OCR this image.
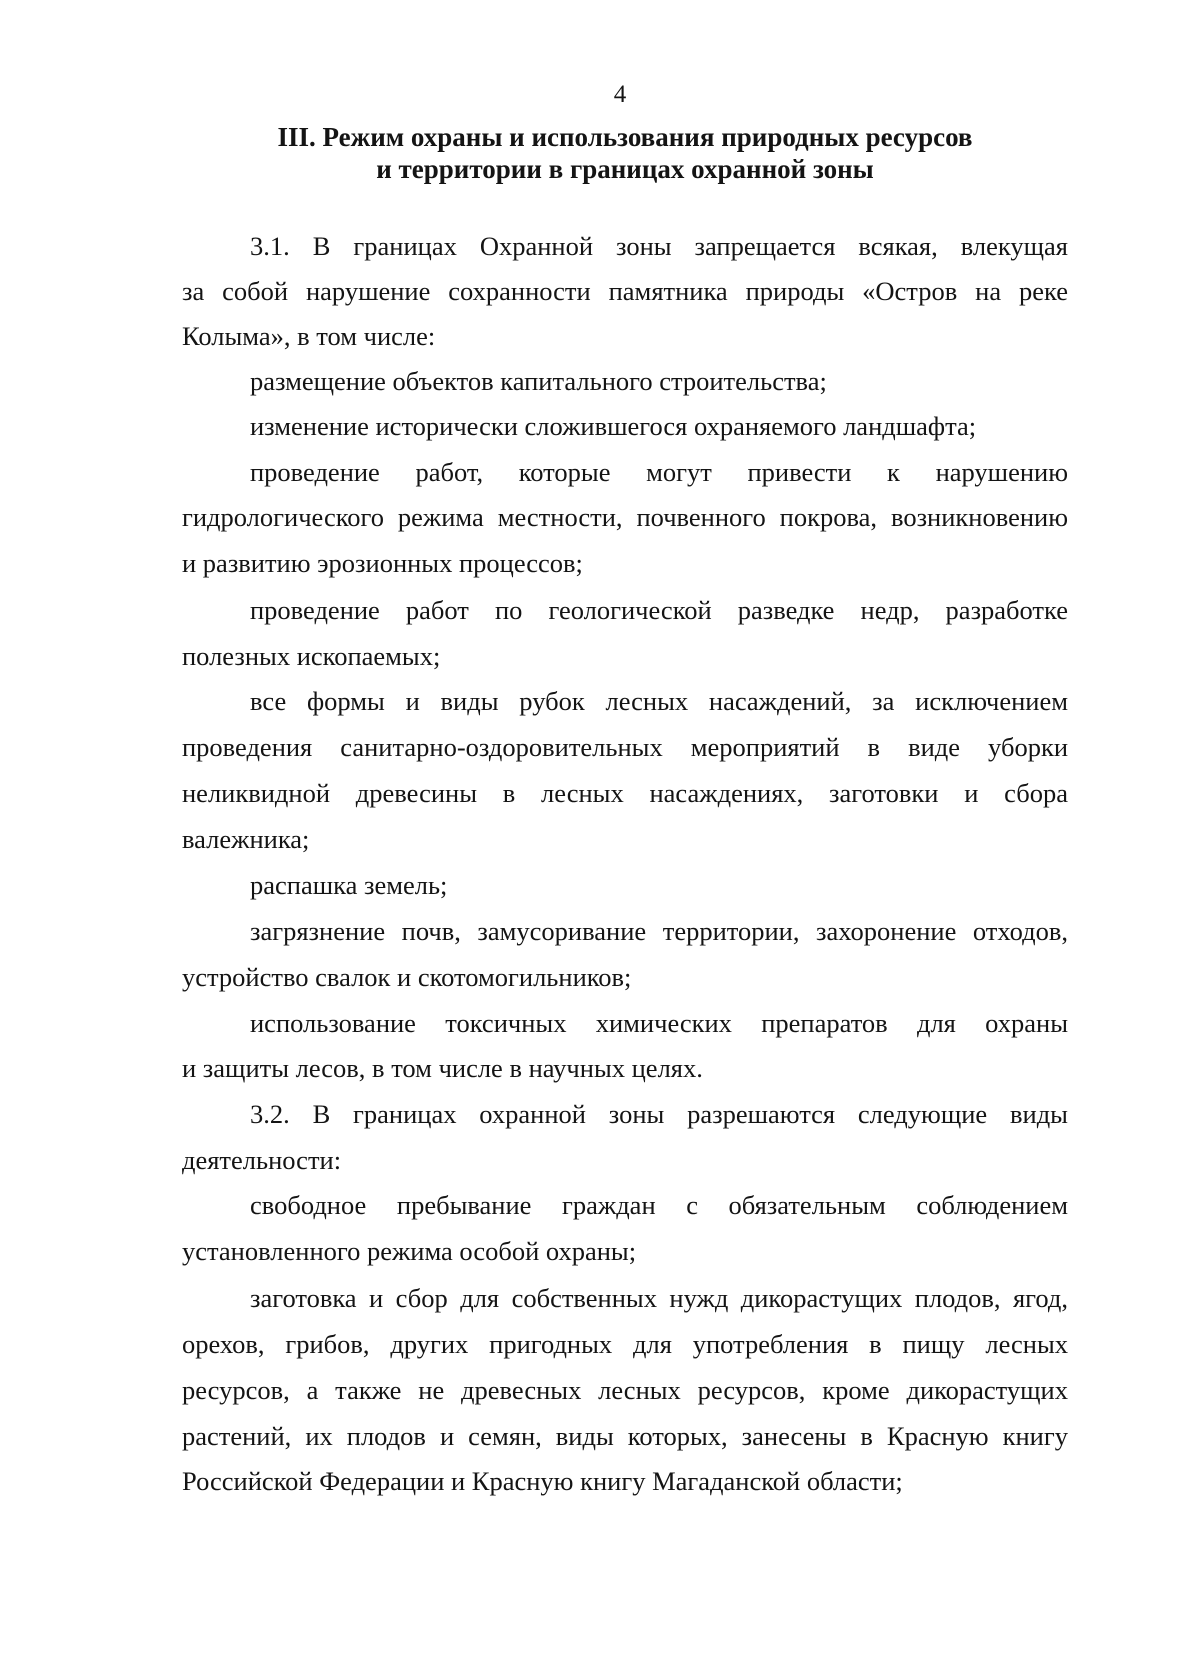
4
III. Режим охраны и использования природных ресурсов
и территории в границах охранной зоны
3.1. В границах Охранной зоны запрещается всякая, влекущая
за собой нарушение сохранности памятника природы «Остров на реке
Колыма», в том числе:
размещение объектов капитального строительства;
изменение исторически сложившегося охраняемого ландшафта;
проведение работ, которые могут привести к нарушению
гидрологического режима местности, почвенного покрова, возникновению
и развитию эрозионных процессов;
проведение работ по геологической разведке недр, разработке
полезных ископаемых;
все формы и виды рубок лесных насаждений, за исключением
проведения санитарно-оздоровительных мероприятий в виде уборки
неликвидной древесины в лесных насаждениях, заготовки и сбора
валежника;
распашка земель;
загрязнение почв, замусоривание территории, захоронение отходов,
устройство свалок и скотомогильников;
использование токсичных химических препаратов для охраны
и защиты лесов, в том числе в научных целях.
3.2. В границах охранной зоны разрешаются следующие виды
деятельности:
свободное пребывание граждан с обязательным соблюдением
установленного режима особой охраны;
заготовка и сбор для собственных нужд дикорастущих плодов, ягод,
орехов, грибов, других пригодных для употребления в пищу лесных
ресурсов, а также не древесных лесных ресурсов, кроме дикорастущих
растений, их плодов и семян, виды которых, занесены в Красную книгу
Российской Федерации и Красную книгу Магаданской области;
